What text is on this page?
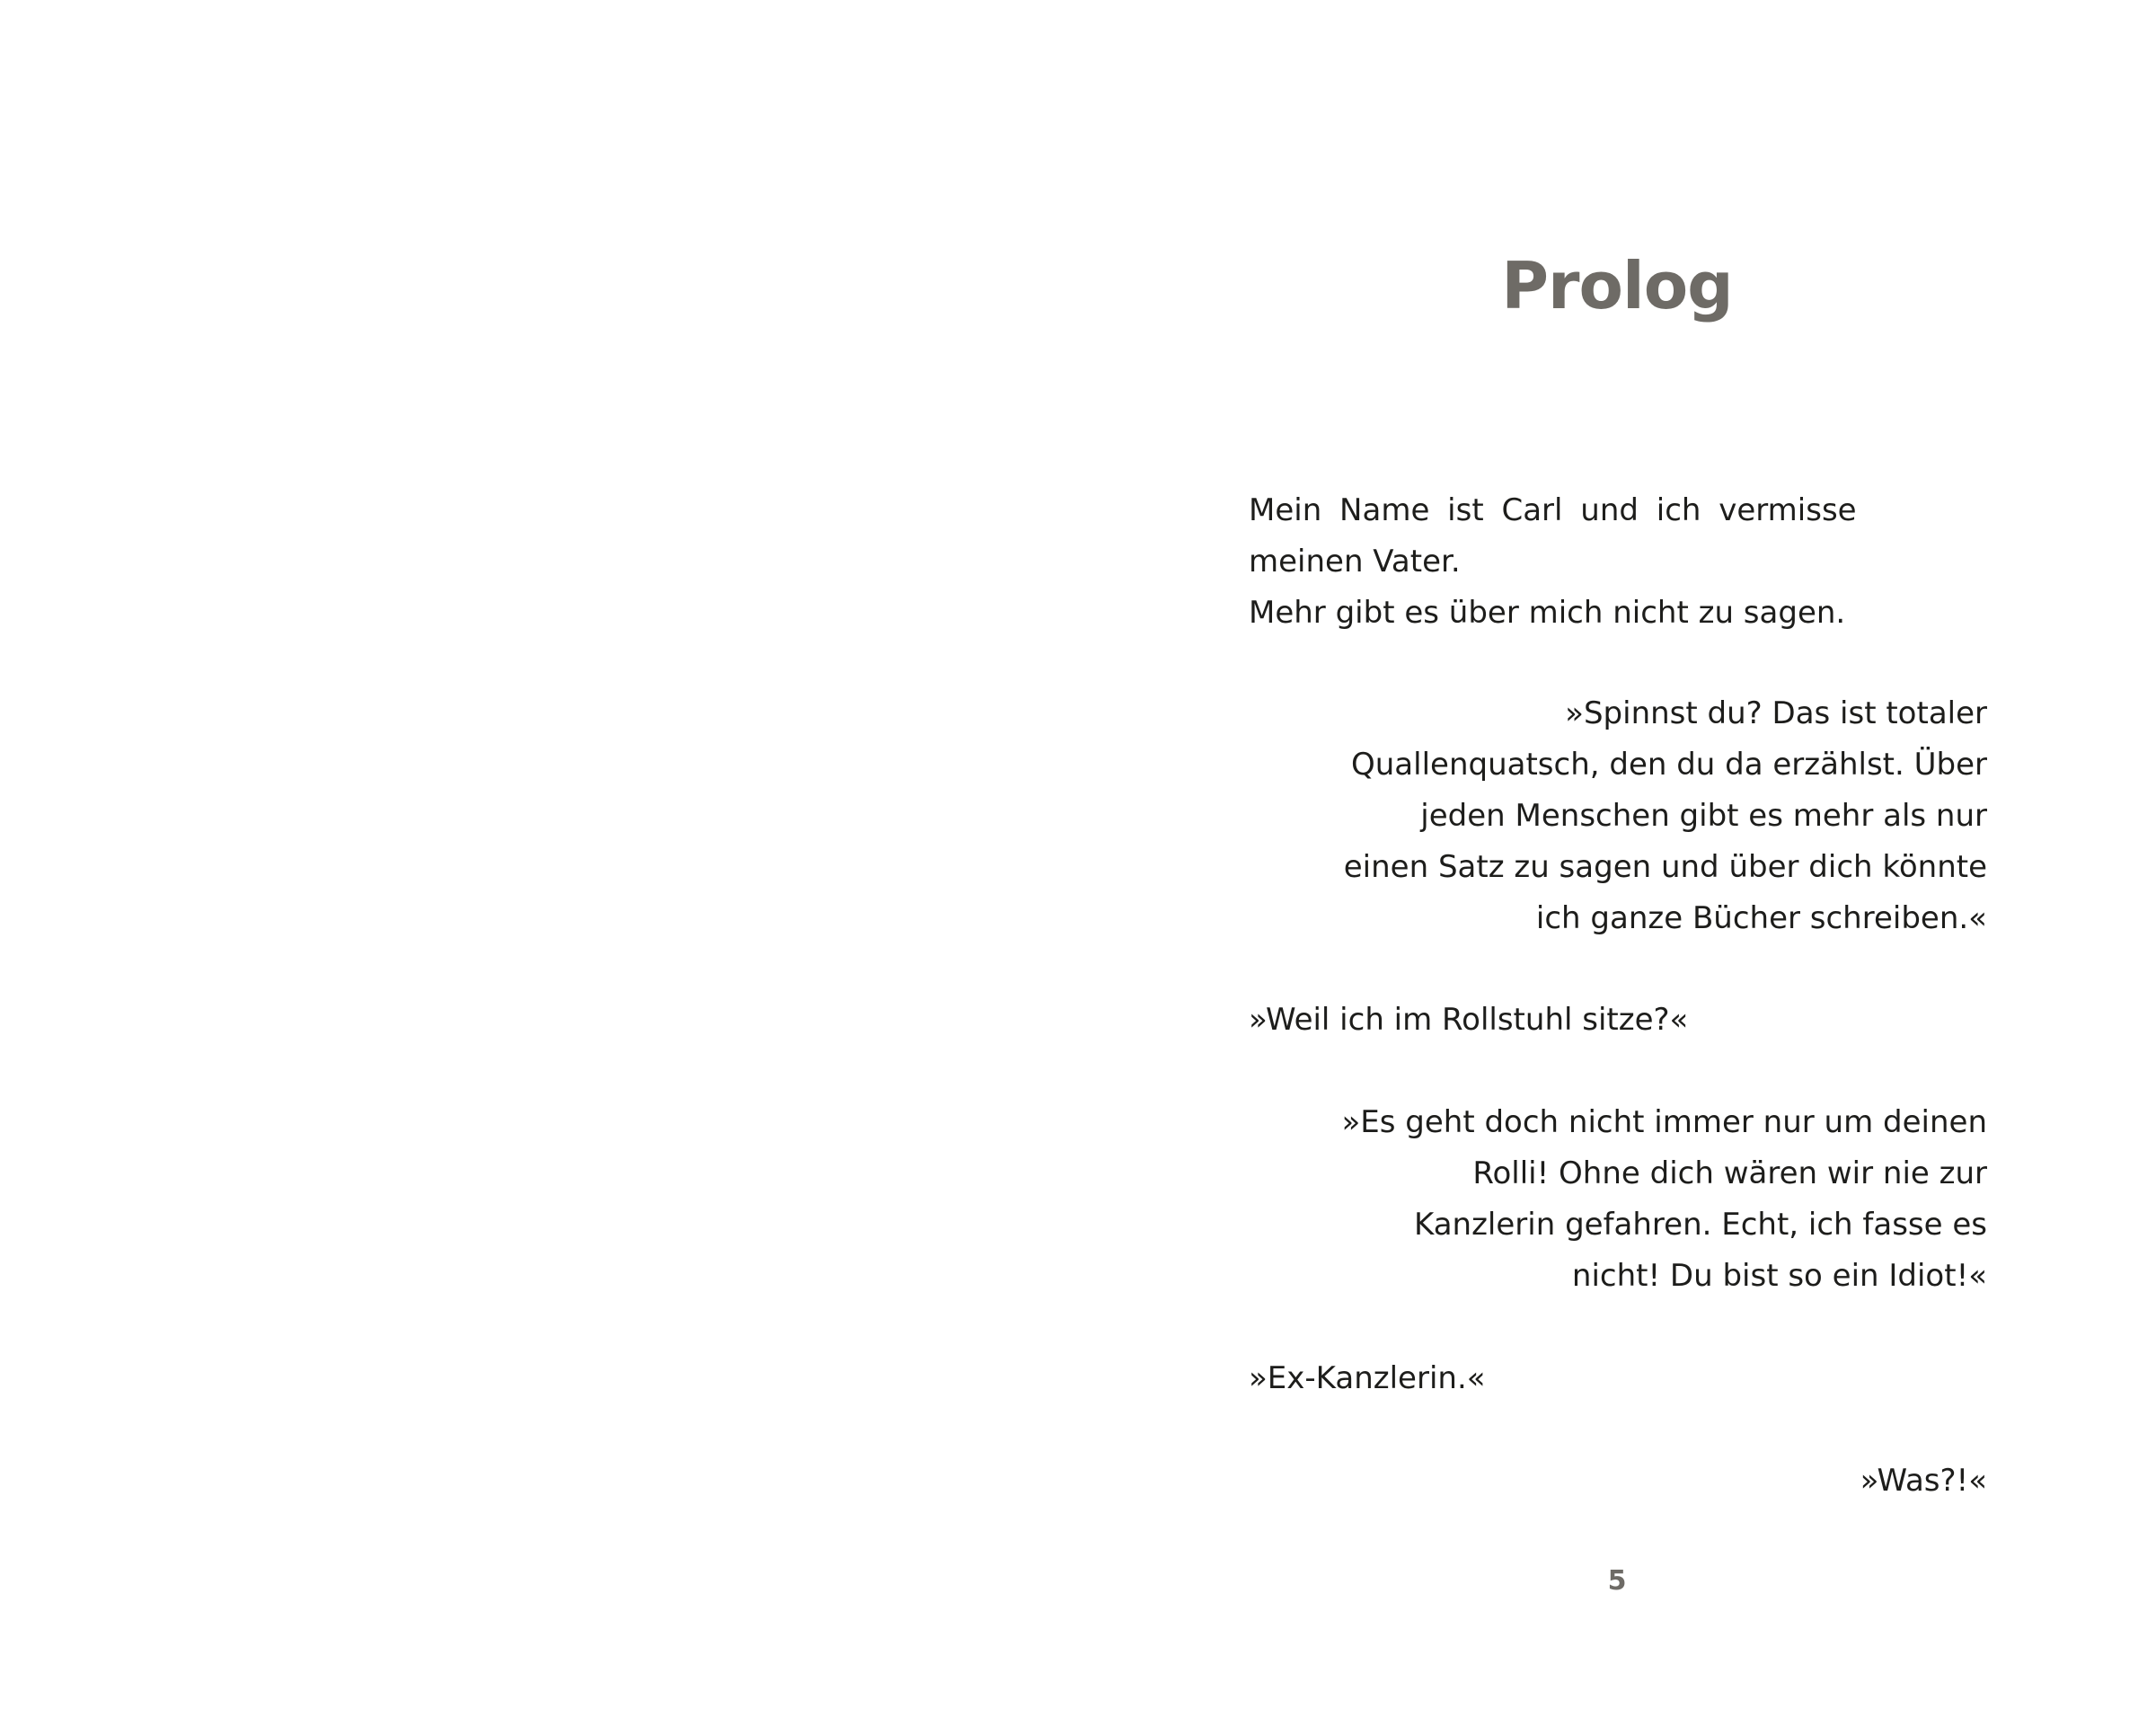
Prolog
Mein Name ist Carl und ich vermisse
meinen Vater.
Mehr gibt es über mich nicht zu sagen.
»Spinnst du? Das ist totaler
Quallenquatsch, den du da erzählst. Über
jeden Menschen gibt es mehr als nur
einen Satz zu sagen und über dich könnte
ich ganze Bücher schreiben.«
»Weil ich im Rollstuhl sitze?«
»Es geht doch nicht immer nur um deinen
Rolli! Ohne dich wären wir nie zur
Kanzlerin gefahren. Echt, ich fasse es
nicht! Du bist so ein Idiot!«
»Ex-Kanzlerin.«
»Was?!«
5
